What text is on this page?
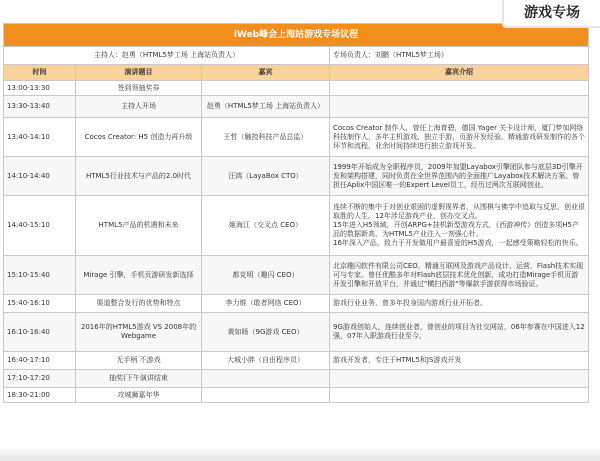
iWeb峰会上海站游戏专场议程			
主持人：赵勇（HTML5梦工场 上海站负责人）			专场负责人：刘鹏（HTML5梦工场）
时间	演讲题目	嘉宾	嘉宾介绍
13:00-13:30	签到领抽奖券		
13:30-13:40	主持人开场	赵勇（HTML5梦工场 上海站负责人）	
13:40-14:10	Cocos Creator: H5 创造力再升级	王哲（触控科技产品总监）	Cocos Creator 制作人，曾任上海育碧，德国 Yager 关卡设计师，厦门梦加网络科技制作人，多年主机游戏、独立手游、页游开发经验。精通游戏研发制作的各个环节和流程，业余时间持续进行独立游戏开发。
14:10-14:40	HTML5行业技术与产品的2.0时代	汪鸿（LayaBox CTO）	1999年开始成为全职程序员，2009年加盟Layabox引擎团队参与底层3D引擎开发和架构搭建，同时负责在全世界范围内的全面推广Layabox技术解决方案。曾担任Aplix中国区唯一的Expert Level员工，经历过两次互联网创业。
14:40-15:10	HTML5产品的机遇和未来	姬海江（交叉点 CEO）	连续不断的集中于对创业艰困的虚假视界者，从围棋与佛学中追取与反思，创业很取胜的人生。12年涉足游戏产业，创办交叉点。
15年进入H5领域，开创ARPG+挂机新型游戏方式，《西游神传》创造多项H5产品的数据新高，为HTML5产业注入一剂强心针。
16年深入产品，致力于开发做用户最喜爱的H5游戏，一起感受策略轻松的快乐。
15:10-15:40	Mirage 引擎，手机页游研发新选择	都克明（趣闪 CEO）	北京趣闪软件有限公司CEO，精通互联网及游戏产品设计、运营，Flash技术实现可与专家。曾任优酷多年对Flash底层技术优化创新，成功打造Mirage手机页游开发引擎和开放平台，并通过"横扫西游"等爆款手游获得市场验证。
15:40-16:10	渠道整合发行的优势和特点	李力维（敢者网络 CEO）	游戏行业业务，曾多年投身国内游戏行业开拓者。
16:10-16:40	2016年的HTML5游戏 VS 2008年的Webgame	黄如旸（9G游戏 CEO）	9G游戏创始人，连续创业者，曾创业的项目为社交网站，06年参赛在中国进入12强，07年入职游戏行业至今。
16:40-17:10	无手柄 不游戏	大城小胖（自由程序员）	游戏开发者，专注于HTML5和JS游戏开发
17:10-17:20	抽奖(下午演讲结束		
18:30-21:00	攻城狮嘉年华		
游戏专场
